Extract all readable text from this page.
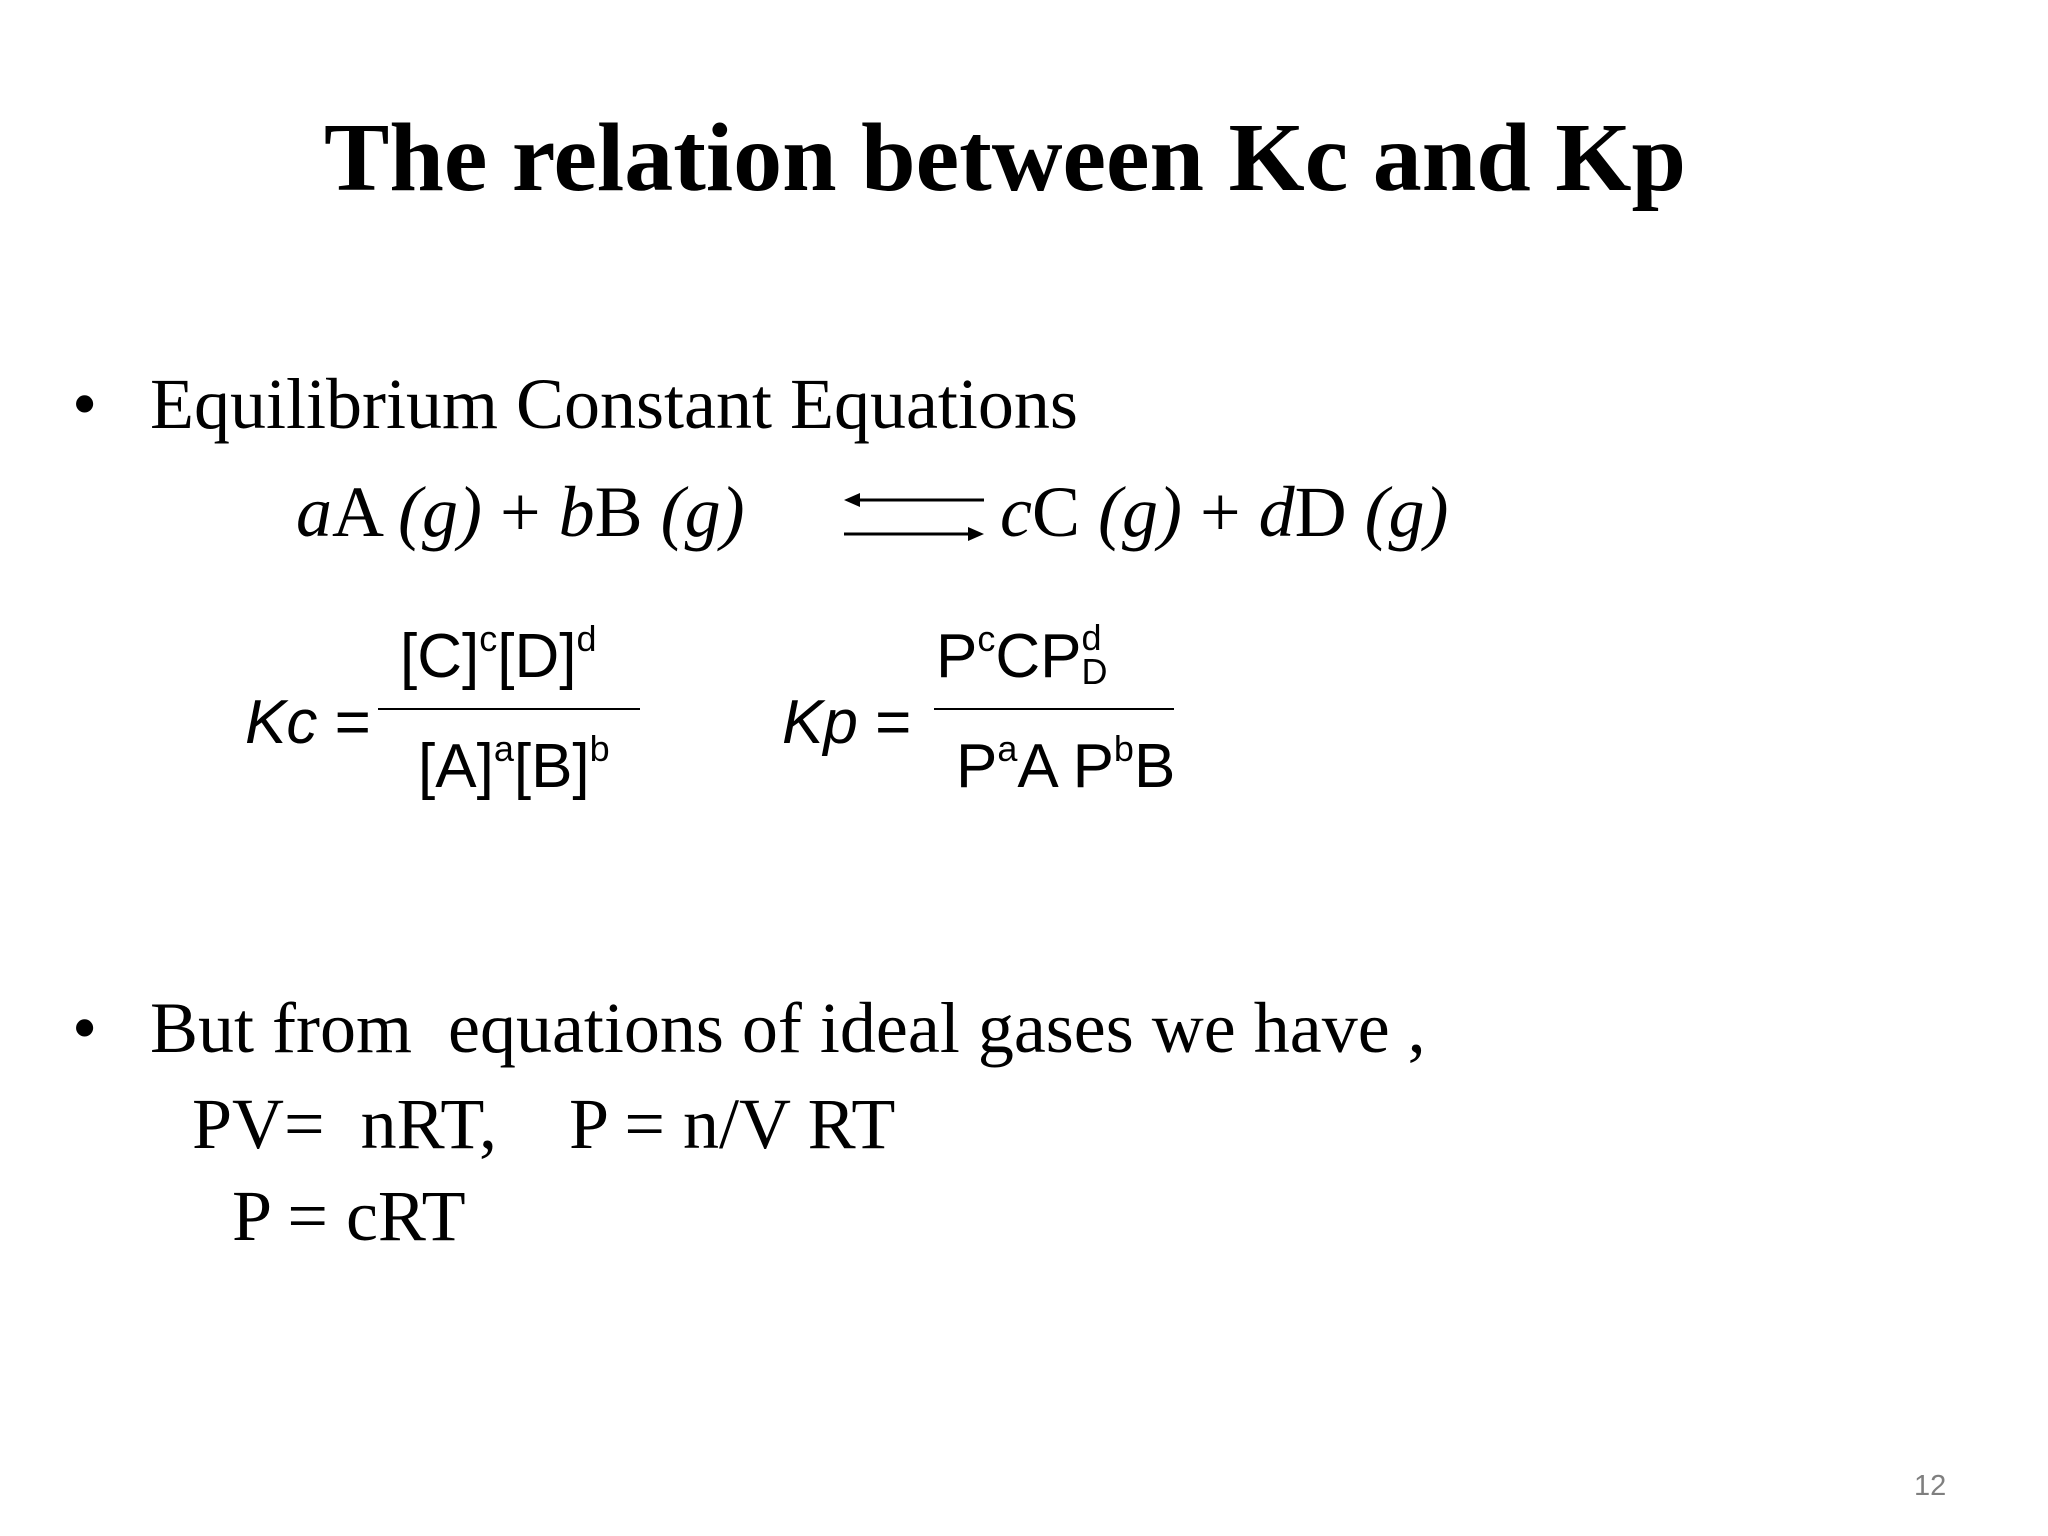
The relation between Kc and Kp
• Equilibrium Constant Equations
aA (g) + bB (g)	cC (g) + dD (g)
Kc =
$[C]^c[D]^d$
$[A]^a[B]^b$	Kp =
$P^cCP$ d
D
$P^aA$ $P^bB$
• But from  equations of ideal gases we have ,
PV=  nRT,    P = n/V RT
P = cRT
12
